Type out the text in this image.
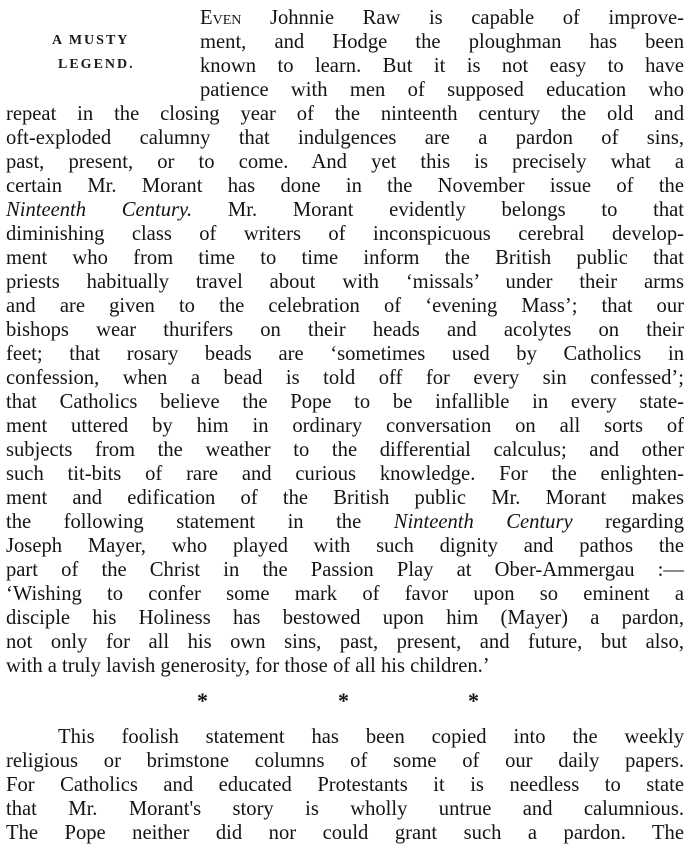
A MUSTY
LEGEND.
Even Johnnie Raw is capable of improve-
ment, and Hodge the ploughman has been
known to learn. But it is not easy to have
patience with men of supposed education who
repeat in the closing year of the ninteenth century the old and
oft-exploded calumny that indulgences are a pardon of sins,
past, present, or to come. And yet this is precisely what a
certain Mr. Morant has done in the November issue of the
Ninteenth Century. Mr. Morant evidently belongs to that
diminishing class of writers of inconspicuous cerebral develop-
ment who from time to time inform the British public that
priests habitually travel about with ‘missals’ under their arms
and are given to the celebration of ‘evening Mass’; that our
bishops wear thurifers on their heads and acolytes on their
feet; that rosary beads are ‘sometimes used by Catholics in
confession, when a bead is told off for every sin confessed’;
that Catholics believe the Pope to be infallible in every state-
ment uttered by him in ordinary conversation on all sorts of
subjects from the weather to the differential calculus; and other
such tit-bits of rare and curious knowledge. For the enlighten-
ment and edification of the British public Mr. Morant makes
the following statement in the Ninteenth Century regarding
Joseph Mayer, who played with such dignity and pathos the
part of the Christ in the Passion Play at Ober-Ammergau :—
‘Wishing to confer some mark of favor upon so eminent a
disciple his Holiness has bestowed upon him (Mayer) a pardon,
not only for all his own sins, past, present, and future, but also,
with a truly lavish generosity, for those of all his children.’
*	*	*
This foolish statement has been copied into the weekly
religious or brimstone columns of some of our daily papers.
For Catholics and educated Protestants it is needless to state
that Mr. Morant's story is wholly untrue and calumnious.
The Pope neither did nor could grant such a pardon. The
